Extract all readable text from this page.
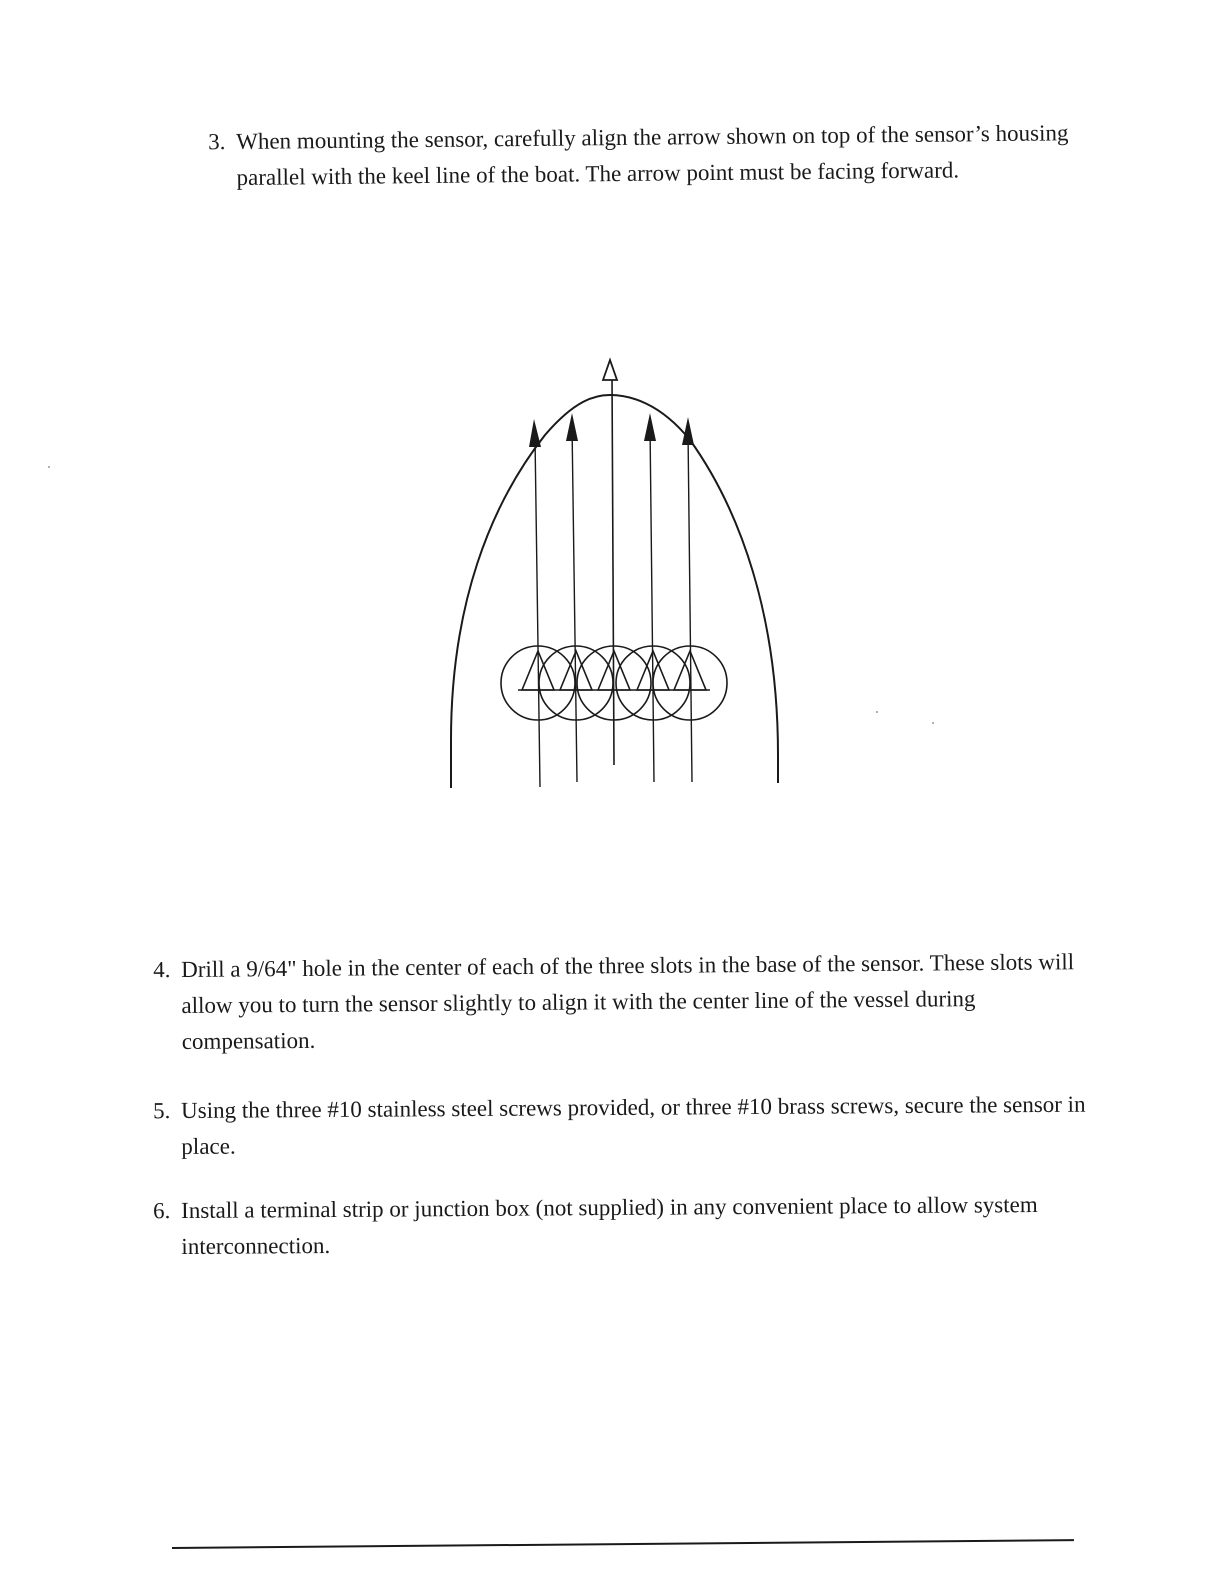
3. When mounting the sensor, carefully align the arrow shown on top of the sensor’s housing parallel with the keel line of the boat. The arrow point must be facing forward.
4. Drill a 9/64" hole in the center of each of the three slots in the base of the sensor. These slots will allow you to turn the sensor slightly to align it with the center line of the vessel during compensation.
5. Using the three #10 stainless steel screws provided, or three #10 brass screws, secure the sensor in place.
6. Install a terminal strip or junction box (not supplied) in any convenient place to allow system interconnection.
